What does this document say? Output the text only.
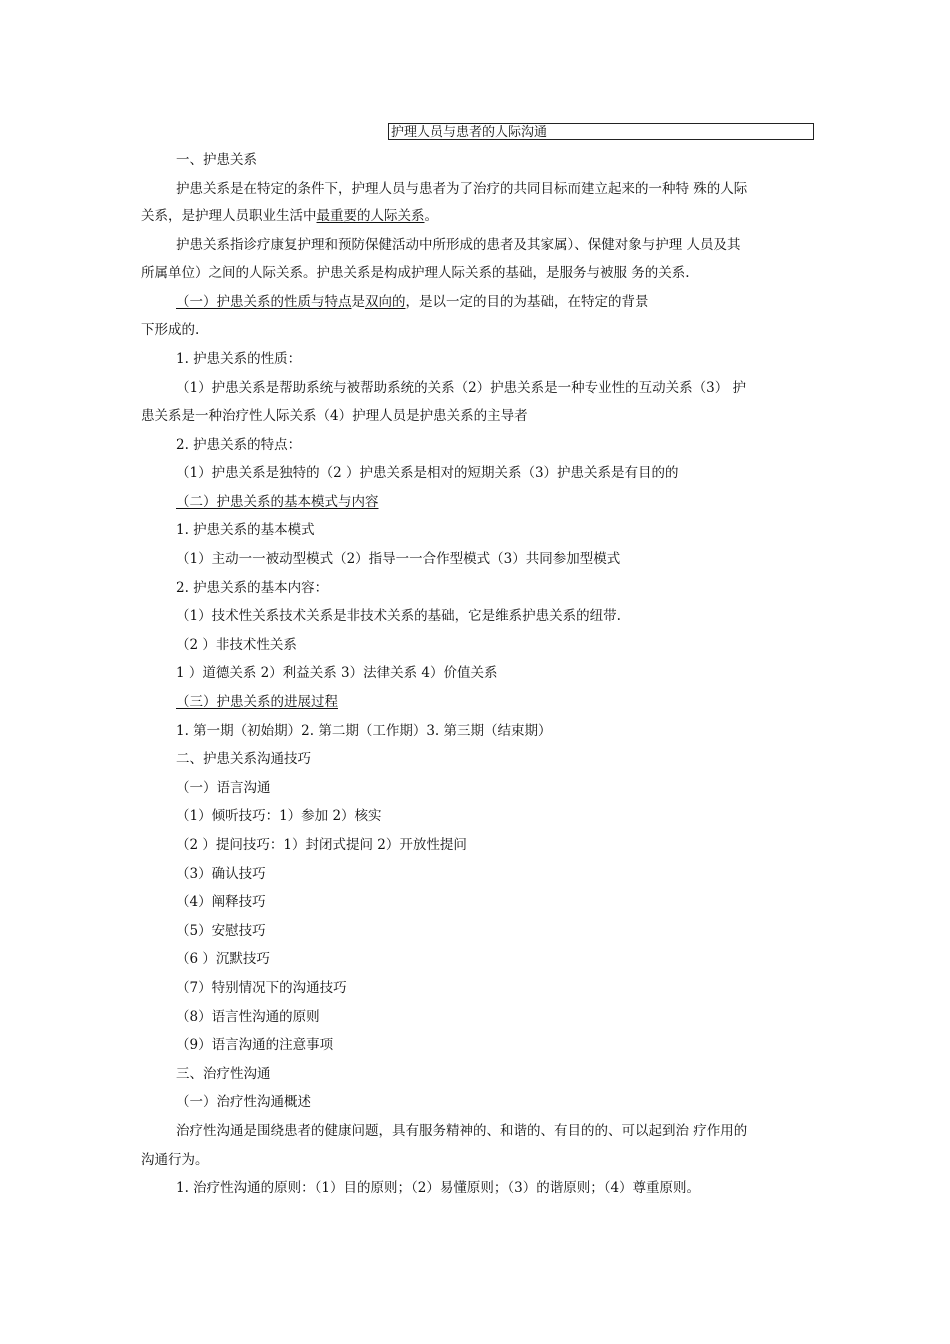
护理人员与患者的人际沟通
一、护患关系
护患关系是在特定的条件下，护理人员与患者为了治疗的共同目标而建立起来的一种特 殊的人际
关系，是护理人员职业生活中最重要的人际关系。
护患关系指诊疗康复护理和预防保健活动中所形成的患者及其家属）、保健对象与护理 人员及其
所属单位）之间的人际关系。护患关系是构成护理人际关系的基础，是服务与被服 务的关系.
（一）护患关系的性质与特点是双向的，是以一定的目的为基础，在特定的背景
下形成的.
1. 护患关系的性质：
（1）护患关系是帮助系统与被帮助系统的关系（2）护患关系是一种专业性的互动关系（3） 护
患关系是一种治疗性人际关系（4）护理人员是护患关系的主导者
2. 护患关系的特点：
（1）护患关系是独特的（2 ）护患关系是相对的短期关系（3）护患关系是有目的的
（二）护患关系的基本模式与内容
1. 护患关系的基本模式
（1）主动一一被动型模式（2）指导一一合作型模式（3）共同参加型模式
2. 护患关系的基本内容：
（1）技术性关系技术关系是非技术关系的基础，它是维系护患关系的纽带.
（2 ）非技术性关系
1 ）道德关系 2）利益关系 3）法律关系 4）价值关系
（三）护患关系的进展过程
1. 第一期（初始期）2. 第二期（工作期）3. 第三期（结束期）
二、护患关系沟通技巧
（一）语言沟通
（1）倾听技巧：1）参加 2）核实
（2 ）提问技巧：1）封闭式提问 2）开放性提问
（3）确认技巧
（4）阐释技巧
（5）安慰技巧
（6 ）沉默技巧
（7）特别情况下的沟通技巧
（8）语言性沟通的原则
（9）语言沟通的注意事项
三、治疗性沟通
（一）治疗性沟通概述
治疗性沟通是围绕患者的健康问题，具有服务精神的、和谐的、有目的的、可以起到治 疗作用的
沟通行为。
1. 治疗性沟通的原则：（1）目的原则；（2）易懂原则；（3）的谐原则；（4）尊重原则。
